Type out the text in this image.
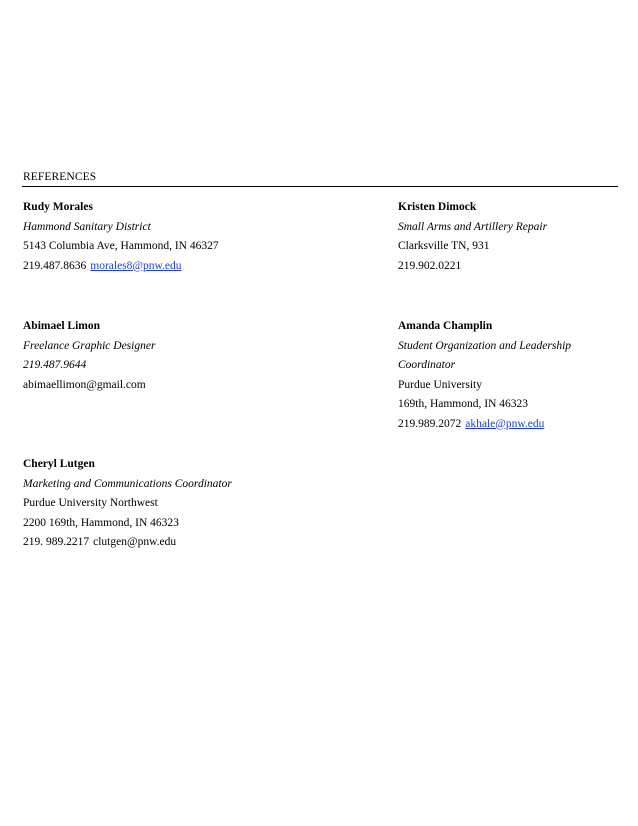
REFERENCES
Rudy Morales
Hammond Sanitary District
5143 Columbia Ave, Hammond, IN 46327
219.487.8636 morales8@pnw.edu
Kristen Dimock
Small Arms and Artillery Repair
Clarksville TN, 931
219.902.0221
Abimael Limon
Freelance Graphic Designer
219.487.9644
abimaellimon@gmail.com
Amanda Champlin
Student Organization and Leadership
Coordinator
Purdue University
169th, Hammond, IN 46323
219.989.2072 akhale@pnw.edu
Cheryl Lutgen
Marketing and Communications Coordinator
Purdue University Northwest
2200 169th, Hammond, IN 46323
219. 989.2217 clutgen@pnw.edu
